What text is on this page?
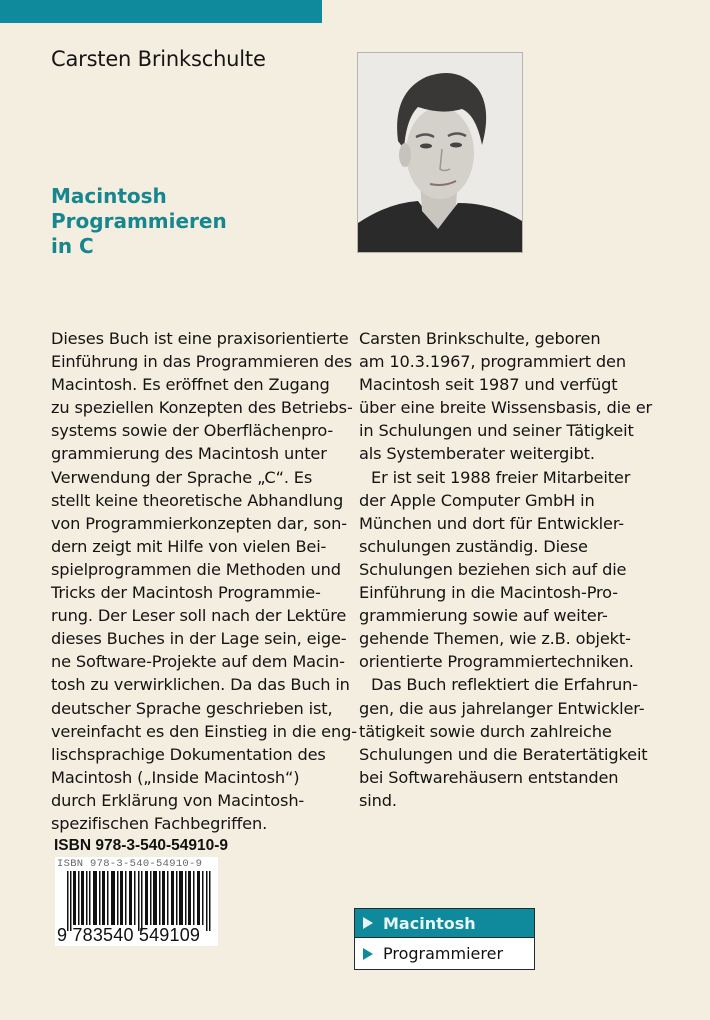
Carsten Brinkschulte
Macintosh
Programmieren
in C
Dieses Buch ist eine praxisorientierte
Einführung in das Programmieren des
Macintosh. Es eröffnet den Zugang
zu speziellen Konzepten des Betriebs-
systems sowie der Oberflächenpro-
grammierung des Macintosh unter
Verwendung der Sprache „C“. Es
stellt keine theoretische Abhandlung
von Programmierkonzepten dar, son-
dern zeigt mit Hilfe von vielen Bei-
spielprogrammen die Methoden und
Tricks der Macintosh Programmie-
rung. Der Leser soll nach der Lektüre
dieses Buches in der Lage sein, eige-
ne Software-Projekte auf dem Macin-
tosh zu verwirklichen. Da das Buch in
deutscher Sprache geschrieben ist,
vereinfacht es den Einstieg in die eng-
lischsprachige Dokumentation des
Macintosh („Inside Macintosh“)
durch Erklärung von Macintosh-
spezifischen Fachbegriffen.
Carsten Brinkschulte, geboren
am 10.3.1967, programmiert den
Macintosh seit 1987 und verfügt
über eine breite Wissensbasis, die er
in Schulungen und seiner Tätigkeit
als Systemberater weitergibt.
Er ist seit 1988 freier Mitarbeiter
der Apple Computer GmbH in
München und dort für Entwickler-
schulungen zuständig. Diese
Schulungen beziehen sich auf die
Einführung in die Macintosh-Pro-
grammierung sowie auf weiter-
gehende Themen, wie z.B. objekt-
orientierte Programmiertechniken.
Das Buch reflektiert die Erfahrun-
gen, die aus jahrelanger Entwickler-
tätigkeit sowie durch zahlreiche
Schulungen und die Beratertätigkeit
bei Softwarehäusern entstanden
sind.
ISBN 978-3-540-54910-9
ISBN 978-3-540-54910-9
9 783540 549109
Macintosh
Programmierer
